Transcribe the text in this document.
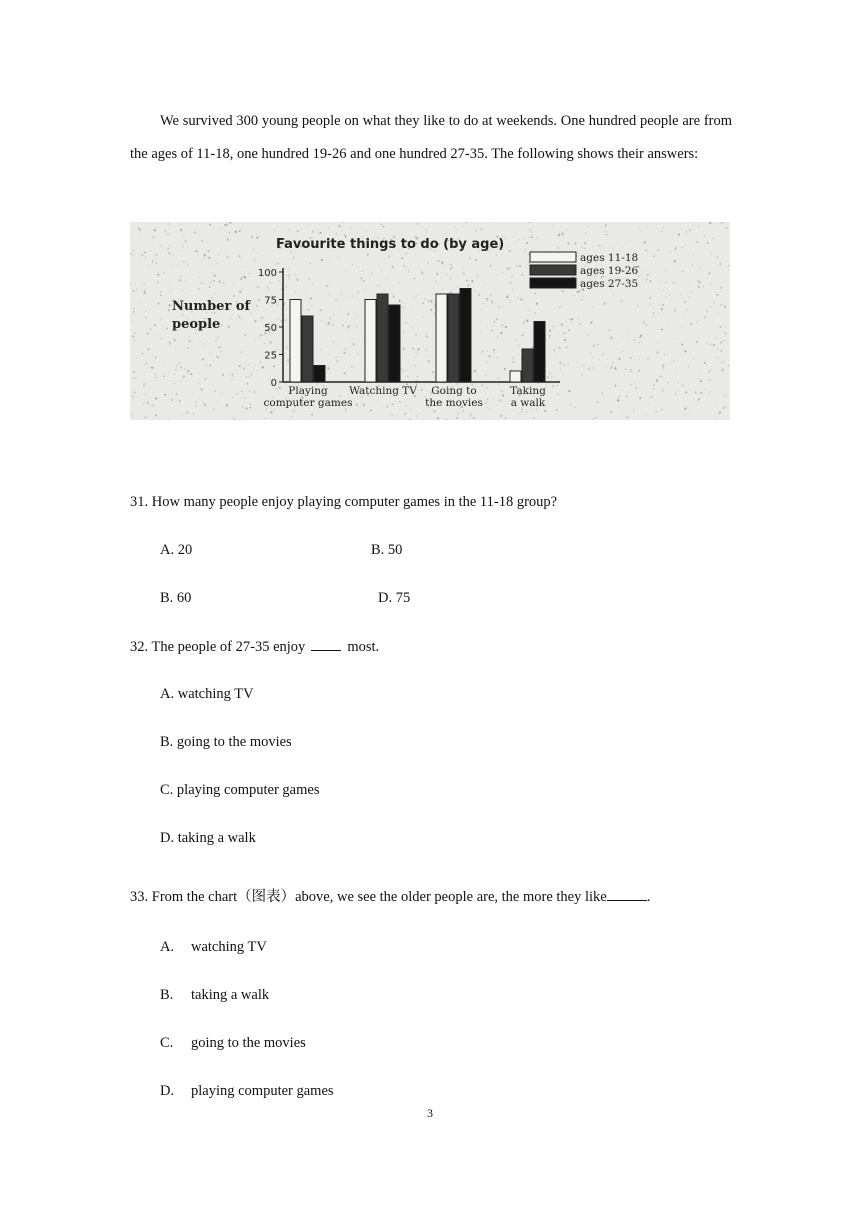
We survived 300 young people on what they like to do at weekends. One hundred people are from the ages of 11-18, one hundred 19-26 and one hundred 27-35. The following shows their answers:

Favourite things to do (by age)
Number of
people
0
25
50
75
100
Playing
computer games
Watching TV Going to
the movies
Taking
a walk
ages 11-18
ages 19-26
ages 27-35
31. How many people enjoy playing computer games in the 11-18 group?
A. 20	B. 50
B. 60	D. 75
32. The people of 27-35 enjoy	most.
A. watching TV
B. going to the movies
C. playing computer games
D. taking a walk
33. From the chart（图表）above, we see the older people are, the more they like	.
A. watching TV
B. taking a walk
C. going to the movies
D. playing computer games
3
